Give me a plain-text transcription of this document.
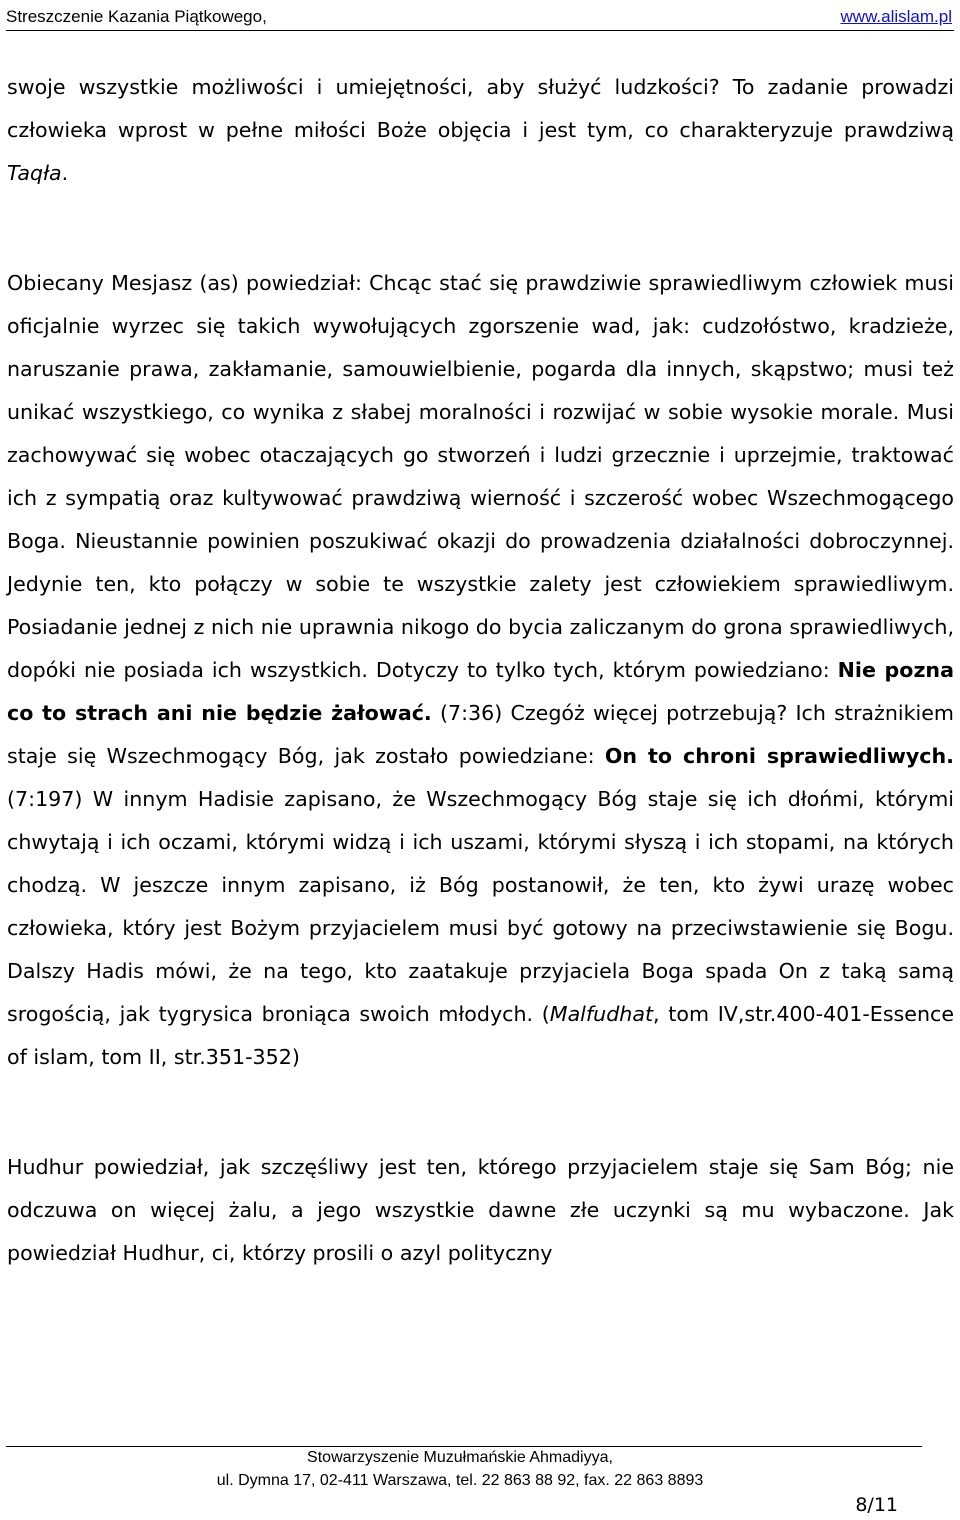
Streszczenie Kazania Piątkowego,	www.alislam.pl

swoje wszystkie możliwości i umiejętności, aby służyć ludzkości? To zadanie prowadzi człowieka wprost w pełne miłości Boże objęcia i jest tym, co charakteryzuje prawdziwą Taqła.

Obiecany Mesjasz (as) powiedział: Chcąc stać się prawdziwie sprawiedliwym człowiek musi oficjalnie wyrzec się takich wywołujących zgorszenie wad, jak: cudzołóstwo, kradzieże, naruszanie prawa, zakłamanie, samouwielbienie, pogarda dla innych, skąpstwo; musi też unikać wszystkiego, co wynika z słabej moralności i rozwijać w sobie wysokie morale. Musi zachowywać się wobec otaczających go stworzeń i ludzi grzecznie i uprzejmie, traktować ich z sympatią oraz kultywować prawdziwą wierność i szczerość wobec Wszechmogącego Boga. Nieustannie powinien poszukiwać okazji do prowadzenia działalności dobroczynnej. Jedynie ten, kto połączy w sobie te wszystkie zalety jest człowiekiem sprawiedliwym. Posiadanie jednej z nich nie uprawnia nikogo do bycia zaliczanym do grona sprawiedliwych, dopóki nie posiada ich wszystkich. Dotyczy to tylko tych, którym powiedziano: Nie pozna co to strach ani nie będzie żałować. (7:36) Czegóż więcej potrzebują? Ich strażnikiem staje się Wszechmogący Bóg, jak zostało powiedziane: On to chroni sprawiedliwych. (7:197) W innym Hadisie zapisano, że Wszechmogący Bóg staje się ich dłońmi, którymi chwytają i ich oczami, którymi widzą i ich uszami, którymi słyszą i ich stopami, na których chodzą. W jeszcze innym zapisano, iż Bóg postanowił, że ten, kto żywi urazę wobec człowieka, który jest Bożym przyjacielem musi być gotowy na przeciwstawienie się Bogu. Dalszy Hadis mówi, że na tego, kto zaatakuje przyjaciela Boga spada On z taką samą srogością, jak tygrysica broniąca swoich młodych. (Malfudhat, tom IV,str.400-401-Essence of islam, tom II, str.351-352)

Hudhur powiedział, jak szczęśliwy jest ten, którego przyjacielem staje się Sam Bóg; nie odczuwa on więcej żalu, a jego wszystkie dawne złe uczynki są mu wybaczone. Jak powiedział Hudhur, ci, którzy prosili o azyl polityczny

Stowarzyszenie Muzułmańskie Ahmadiyya,
ul. Dymna 17, 02-411 Warszawa, tel. 22 863 88 92, fax. 22 863 8893
8/11
